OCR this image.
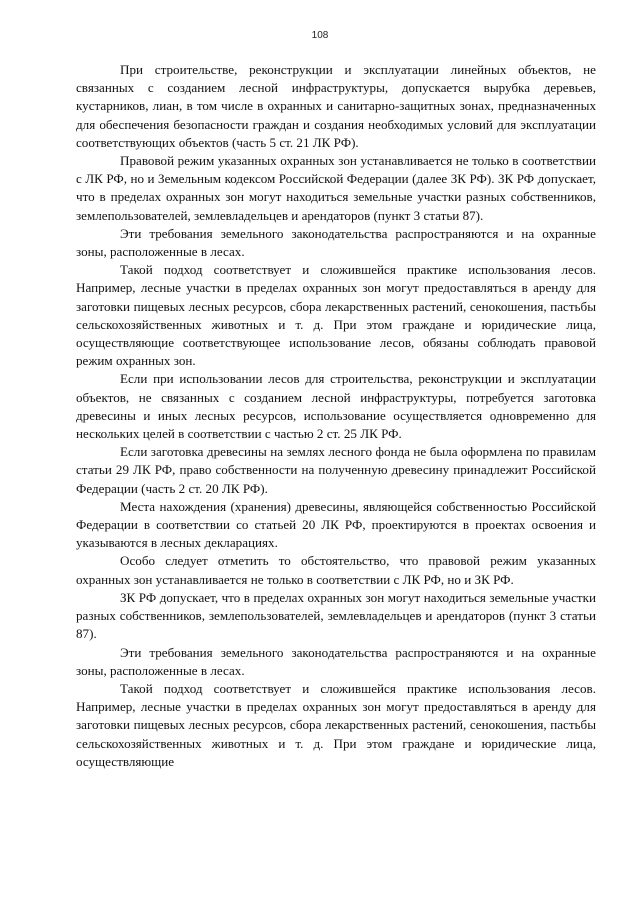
108

При строительстве, реконструкции и эксплуатации линейных объектов, не связанных с созданием лесной инфраструктуры, допускается вырубка деревьев, кустарников, лиан, в том числе в охранных и санитарно-защитных зонах, предназначенных для обеспечения безопасности граждан и создания необходимых условий для эксплуатации соответствующих объектов (часть 5 ст. 21 ЛК РФ).

Правовой режим указанных охранных зон устанавливается не только в соответствии с ЛК РФ, но и Земельным кодексом Российской Федерации (далее ЗК РФ). ЗК РФ допускает, что в пределах охранных зон могут находиться земельные участки разных собственников, землепользователей, землевладельцев и арендаторов (пункт 3 статьи 87).

Эти требования земельного законодательства распространяются и на охранные зоны, расположенные в лесах.

Такой подход соответствует и сложившейся практике использования лесов. Например, лесные участки в пределах охранных зон могут предоставляться в аренду для заготовки пищевых лесных ресурсов, сбора лекарственных растений, сенокошения, пастьбы сельскохозяйственных животных и т. д. При этом граждане и юридические лица, осуществляющие соответствующее использование лесов, обязаны соблюдать правовой режим охранных зон.

Если при использовании лесов для строительства, реконструкции и эксплуатации объектов, не связанных с созданием лесной инфраструктуры, потребуется заготовка древесины и иных лесных ресурсов, использование осуществляется одновременно для нескольких целей в соответствии с частью 2 ст. 25 ЛК РФ.

Если заготовка древесины на землях лесного фонда не была оформлена по правилам статьи 29 ЛК РФ, право собственности на полученную древесину принадлежит Российской Федерации (часть 2 ст. 20 ЛК РФ).

Места нахождения (хранения) древесины, являющейся собственностью Российской Федерации в соответствии со статьей 20 ЛК РФ, проектируются в проектах освоения и указываются в лесных декларациях.

Особо следует отметить то обстоятельство, что правовой режим указанных охранных зон устанавливается не только в соответствии с ЛК РФ, но и ЗК РФ.

ЗК РФ допускает, что в пределах охранных зон могут находиться земельные участки разных собственников, землепользователей, землевладельцев и арендаторов (пункт 3 статьи 87).

Эти требования земельного законодательства распространяются и на охранные зоны, расположенные в лесах.

Такой подход соответствует и сложившейся практике использования лесов. Например, лесные участки в пределах охранных зон могут предоставляться в аренду для заготовки пищевых лесных ресурсов, сбора лекарственных растений, сенокошения, пастьбы сельскохозяйственных животных и т. д. При этом граждане и юридические лица, осуществляющие
